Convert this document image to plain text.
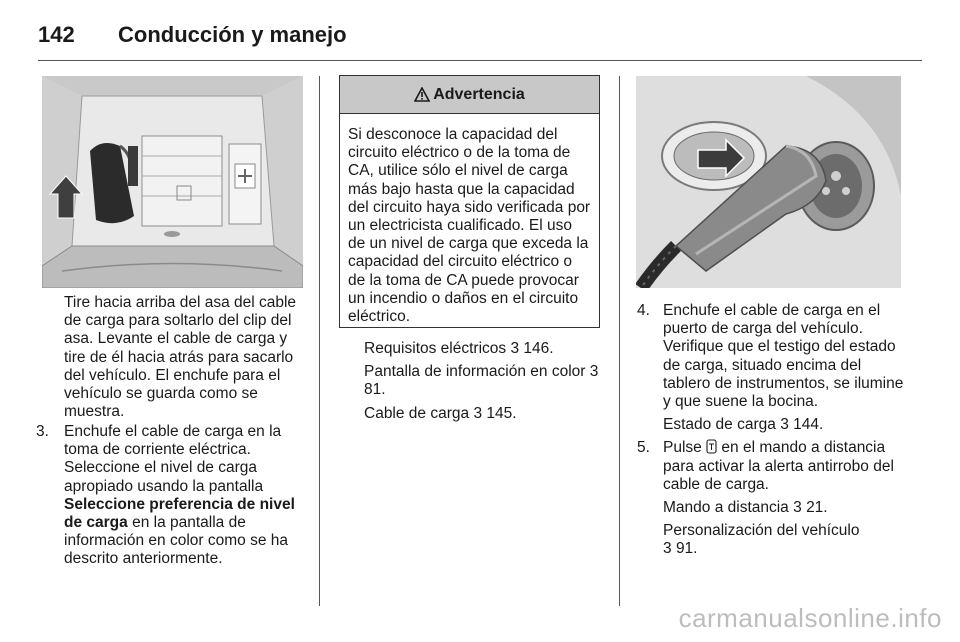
142	Conducción y manejo
Tire hacia arriba del asa del cable de carga para soltarlo del clip del asa. Levante el cable de carga y tire de él hacia atrás para sacarlo del vehículo. El enchufe para el vehículo se guarda como se muestra.
3. Enchufe el cable de carga en la toma de corriente eléctrica. Seleccione el nivel de carga apropiado usando la pantalla Seleccione preferencia de nivel de carga en la pantalla de información en color como se ha descrito anteriormente.
Advertencia
Si desconoce la capacidad del circuito eléctrico o de la toma de CA, utilice sólo el nivel de carga más bajo hasta que la capacidad del circuito haya sido verificada por un electricista cualificado. El uso de un nivel de carga que exceda la capacidad del circuito eléctrico o de la toma de CA puede provocar un incendio o daños en el circuito eléctrico.
Requisitos eléctricos 3 146.
Pantalla de información en color 3 81.
Cable de carga 3 145.
4. Enchufe el cable de carga en el puerto de carga del vehículo. Verifique que el testigo del estado de carga, situado encima del tablero de instrumentos, se ilumine y que suene la bocina.
Estado de carga 3 144.
5. Pulse en el mando a distancia para activar la alerta antirrobo del cable de carga.
Mando a distancia 3 21.
Personalización del vehículo
3 91.
carmanualsonline.info
